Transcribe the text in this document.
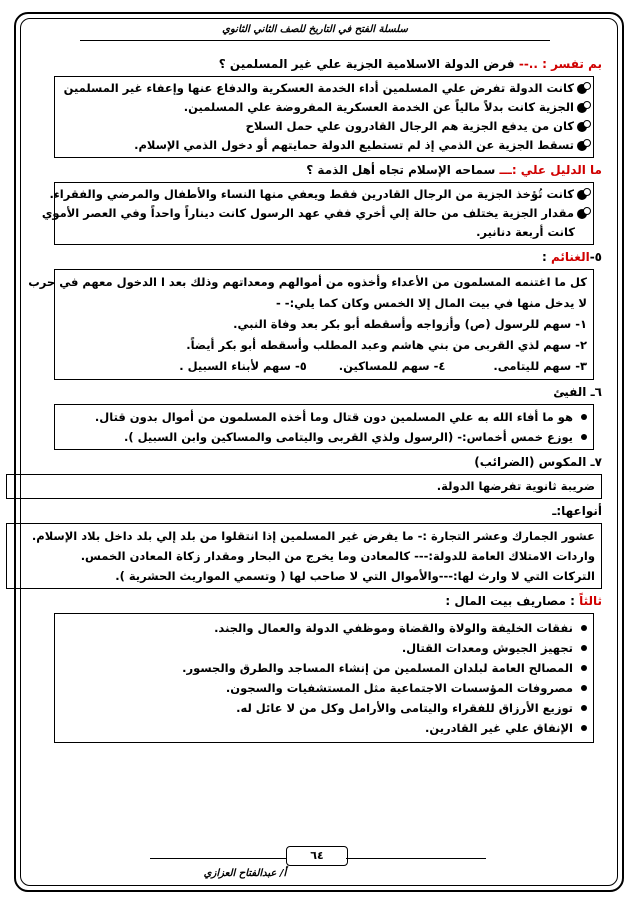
سلسلة الفتح في التاريخ للصف الثاني الثانوي
بم تفسر : ..-- فرض الدولة الاسلامية الجزية علي غير المسلمين ؟
كانت الدولة تفرض علي المسلمين أداء الخدمة العسكرية والدفاع عنها وإعفاء غير المسلمين
الجزية كانت بدلاً مالياً عن الخدمة العسكرية المفروضة علي المسلمين.
كان من يدفع الجزية هم الرجال القادرون علي حمل السلاح
تسقط الجزية عن الذمي إذ لم تستطيع الدولة حمايتهم أو دخول الذمي الإسلام.
ما الدليل علي :ـــ سماحه الإسلام تجاه أهل الذمة ؟
كانت تُؤخذ الجزية من الرجال القادرين فقط ويعفي منها النساء والأطفال والمرضي والفقراء.
مقدار الجزية يختلف من حالة إلي أخري ففي عهد الرسول كانت ديناراً واحداً وفي العصر الأموي
كانت أربعة دنانير.
٥-الغنائم :
كل ما اغتنمه المسلمون من الأعداء وأخذوه من أموالهم ومعداتهم وذلك بعد ا الدخول معهم في حرب
لا يدخل منها في بيت المال إلا الخمس وكان كما يلي:- -
١- سهم للرسول (ص) وأزواجه وأسقطه أبو بكر بعد وفاة النبي.
٢- سهم لذي القربى من بني هاشم وعبد المطلب وأسقطه أبو بكر أيضاً.
٣- سهم لليتامى.            ٤- سهم للمساكين.        ٥- سهم لأبناء السبيل .
٦ـ الفيئ
هو ما أفاء الله به علي المسلمين دون قتال وما أخذه المسلمون من أموال بدون قتال.
يوزع خمس أخماس:- (الرسول ولذي القربى واليتامى والمساكين وابن السبيل ).
٧ـ المكوس (الضرائب)
ضريبة ثانوية تفرضها الدولة.
أنواعها:ـ
عشور الجمارك وعشر التجارة :- ما يفرض غير المسلمين إذا انتقلوا من بلد إلي بلد داخل بلاد الإسلام.
واردات الامتلاك العامة للدولة:--- كالمعادن وما يخرج من البحار ومقدار زكاة المعادن الخمس.
التركات التي لا وارث لها:---والأموال التي لا صاحب لها ( وتسمي المواريث الحشرية ).
ثالثاً : مصاريف بيت المال :
نفقات الخليفة والولاة والقضاة وموظفي الدولة والعمال والجند.
تجهيز الجيوش ومعدات القتال.
المصالح العامة لبلدان المسلمين من إنشاء المساجد والطرق والجسور.
مصروفات المؤسسات الاجتماعية مثل المستشفيات والسجون.
توزيع الأرزاق للفقراء واليتامى والأرامل وكل من لا عائل له.
الإنفاق علي غير القادرين.
٦٤
أ/ عبدالفتاح العزازي
